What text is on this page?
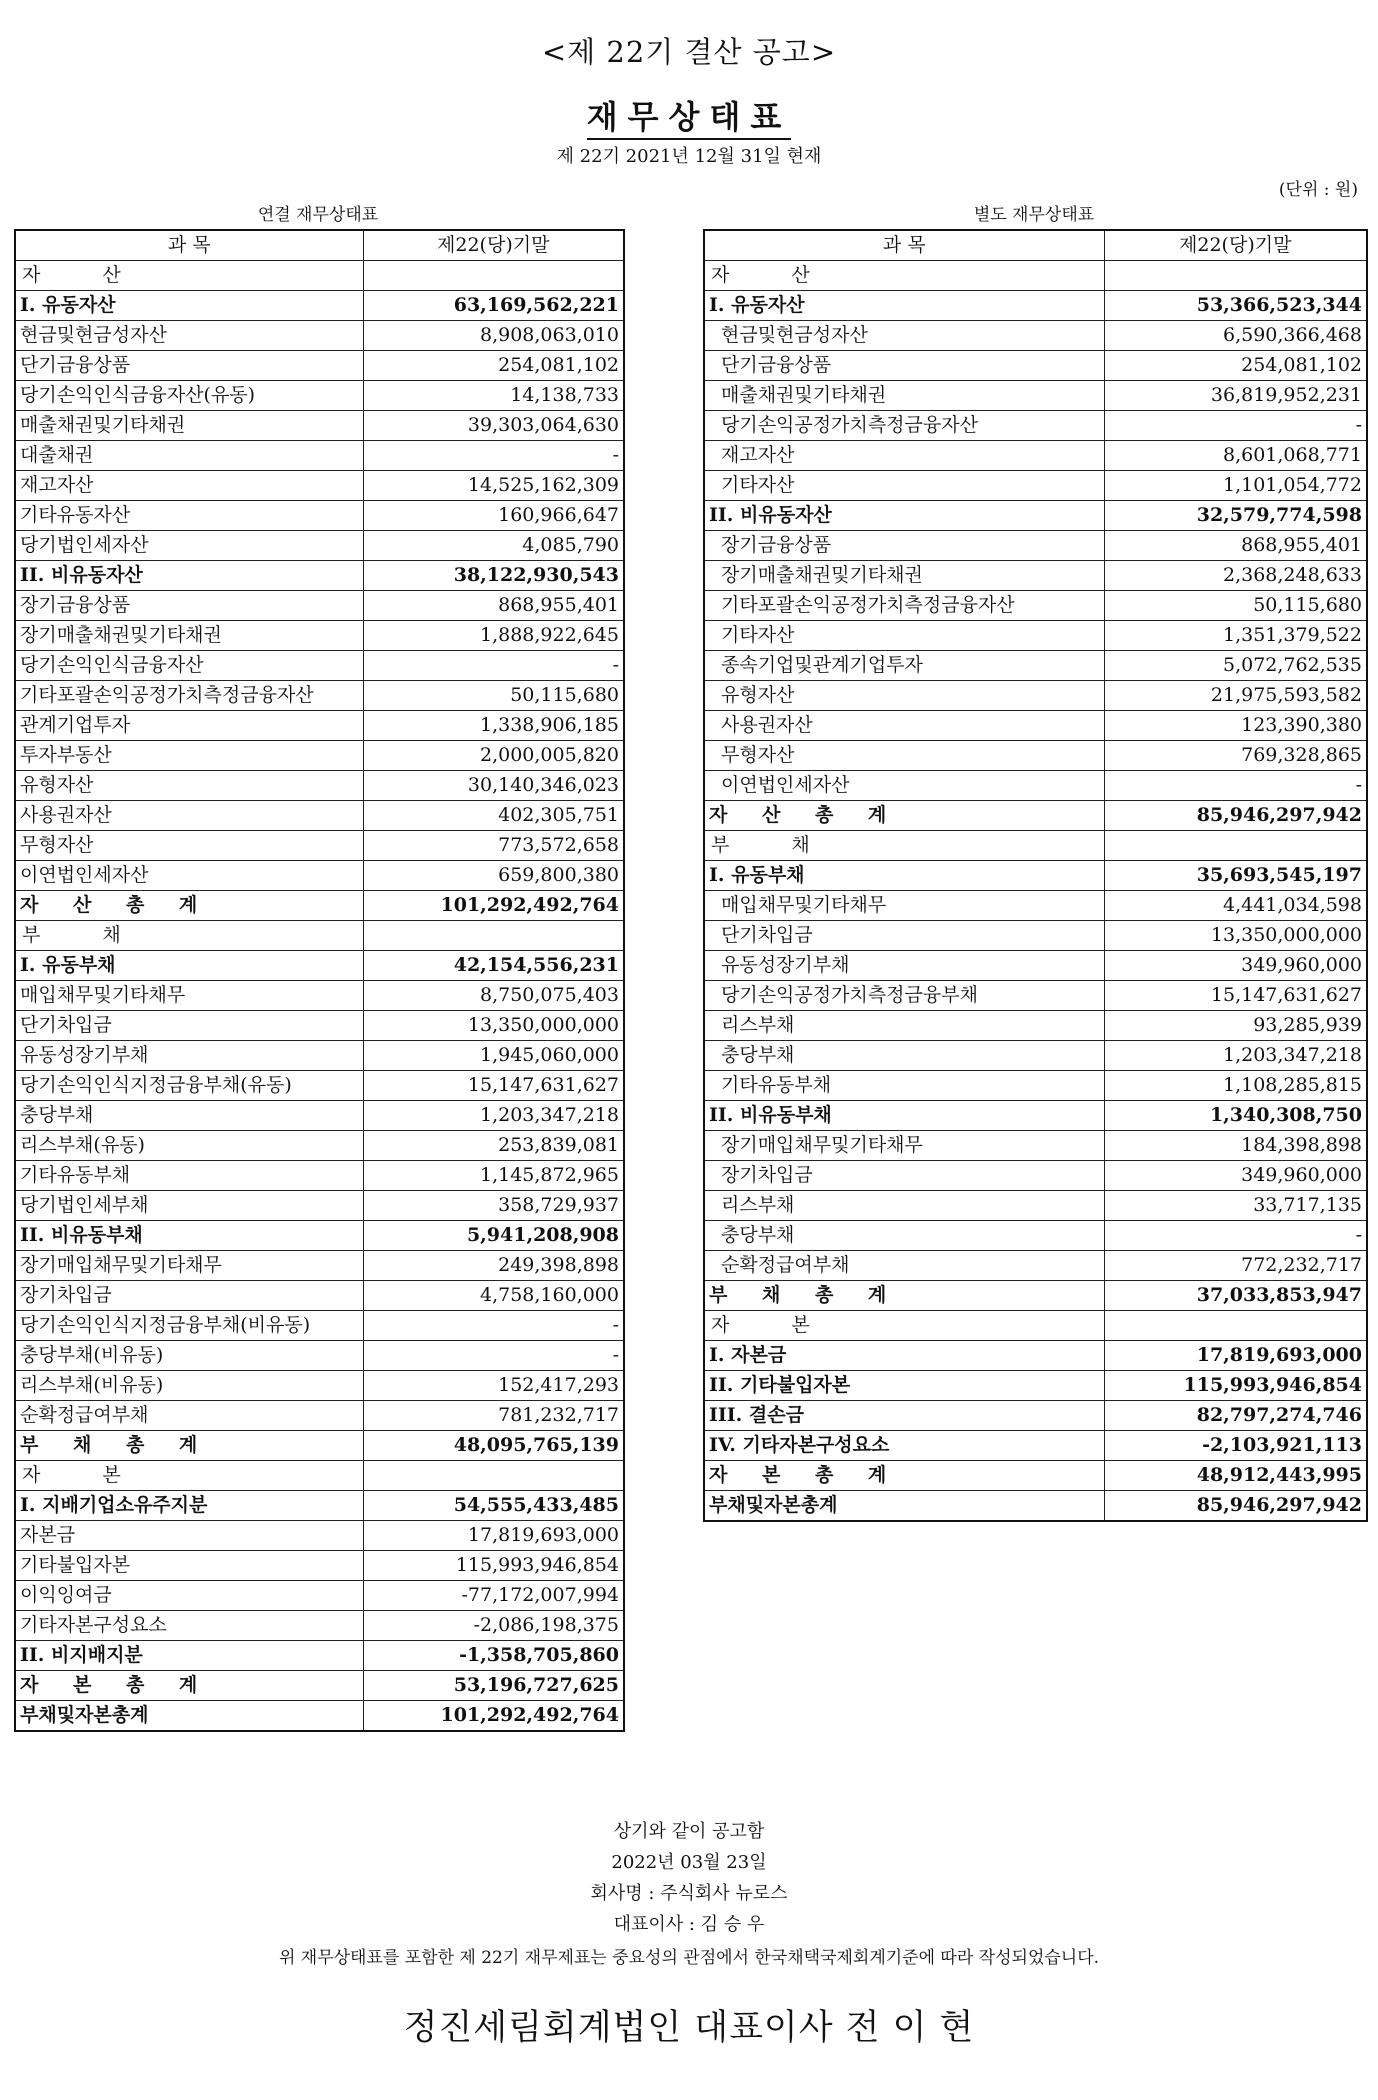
<제 22기 결산 공고>
재무상태표
제 22기 2021년 12월 31일 현재
(단위 : 원)
연결 재무상태표	별도 재무상태표
과 목	제22(당)기말
자 산	
I. 유동자산	63,169,562,221
현금및현금성자산	8,908,063,010
단기금융상품	254,081,102
당기손익인식금융자산(유동)	14,138,733
매출채권및기타채권	39,303,064,630
대출채권	-
재고자산	14,525,162,309
기타유동자산	160,966,647
당기법인세자산	4,085,790
II. 비유동자산	38,122,930,543
장기금융상품	868,955,401
장기매출채권및기타채권	1,888,922,645
당기손익인식금융자산	-
기타포괄손익공정가치측정금융자산	50,115,680
관계기업투자	1,338,906,185
투자부동산	2,000,005,820
유형자산	30,140,346,023
사용권자산	402,305,751
무형자산	773,572,658
이연법인세자산	659,800,380
자 산 총 계	101,292,492,764
부 채	
I. 유동부채	42,154,556,231
매입채무및기타채무	8,750,075,403
단기차입금	13,350,000,000
유동성장기부채	1,945,060,000
당기손익인식지정금융부채(유동)	15,147,631,627
충당부채	1,203,347,218
리스부채(유동)	253,839,081
기타유동부채	1,145,872,965
당기법인세부채	358,729,937
II. 비유동부채	5,941,208,908
장기매입채무및기타채무	249,398,898
장기차입금	4,758,160,000
당기손익인식지정금융부채(비유동)	-
충당부채(비유동)	-
리스부채(비유동)	152,417,293
순확정급여부채	781,232,717
부 채 총 계	48,095,765,139
자 본	
I. 지배기업소유주지분	54,555,433,485
자본금	17,819,693,000
기타불입자본	115,993,946,854
이익잉여금	-77,172,007,994
기타자본구성요소	-2,086,198,375
II. 비지배지분	-1,358,705,860
자 본 총 계	53,196,727,625
부채및자본총계	101,292,492,764
과 목	제22(당)기말
자 산	
I. 유동자산	53,366,523,344
현금및현금성자산	6,590,366,468
단기금융상품	254,081,102
매출채권및기타채권	36,819,952,231
당기손익공정가치측정금융자산	-
재고자산	8,601,068,771
기타자산	1,101,054,772
II. 비유동자산	32,579,774,598
장기금융상품	868,955,401
장기매출채권및기타채권	2,368,248,633
기타포괄손익공정가치측정금융자산	50,115,680
기타자산	1,351,379,522
종속기업및관계기업투자	5,072,762,535
유형자산	21,975,593,582
사용권자산	123,390,380
무형자산	769,328,865
이연법인세자산	-
자 산 총 계	85,946,297,942
부 채	
I. 유동부채	35,693,545,197
매입채무및기타채무	4,441,034,598
단기차입금	13,350,000,000
유동성장기부채	349,960,000
당기손익공정가치측정금융부채	15,147,631,627
리스부채	93,285,939
충당부채	1,203,347,218
기타유동부채	1,108,285,815
II. 비유동부채	1,340,308,750
장기매입채무및기타채무	184,398,898
장기차입금	349,960,000
리스부채	33,717,135
충당부채	-
순확정급여부채	772,232,717
부 채 총 계	37,033,853,947
자 본	
I. 자본금	17,819,693,000
II. 기타불입자본	115,993,946,854
III. 결손금	82,797,274,746
IV. 기타자본구성요소	-2,103,921,113
자 본 총 계	48,912,443,995
부채및자본총계	85,946,297,942
상기와 같이 공고함
2022년 03월 23일
회사명 : 주식회사 뉴로스
대표이사 : 김 승 우
위 재무상태표를 포함한 제 22기 재무제표는 중요성의 관점에서 한국채택국제회계기준에 따라 작성되었습니다.
정진세림회계법인 대표이사 전 이 현
